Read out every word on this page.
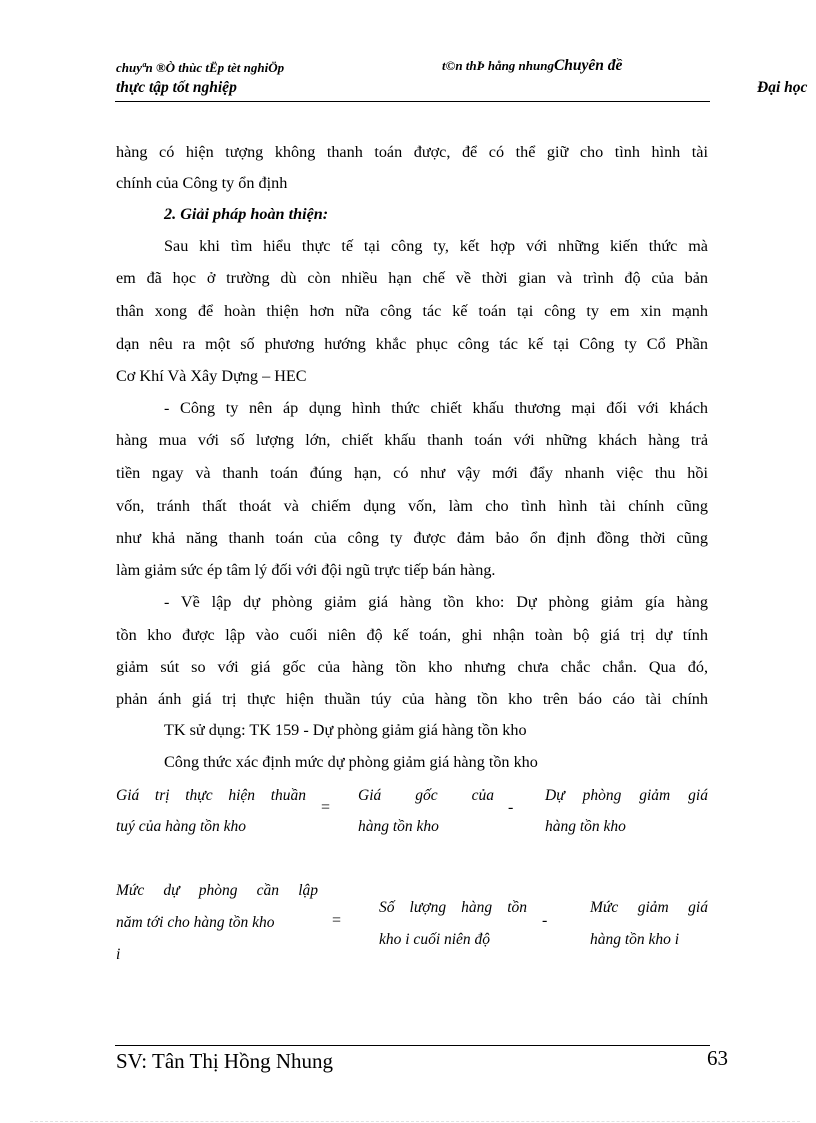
chuyªn ®Ò thùc tËp tèt nghiÖp	t©n thÞ hång nhungChuyên đề
thực tập tốt nghiệp	Đại học
hàng có hiện tượng không thanh toán được, để có thể giữ cho tình hình tài
chính của Công ty ổn định
2. Giải pháp hoàn thiện:
Sau khi tìm hiểu thực tế tại công ty, kết hợp với những kiến thức mà
em đã học ở trường dù còn nhiều hạn chế về thời gian và trình độ của bản
thân xong để hoàn thiện hơn nữa công tác kế toán tại công ty em xin mạnh
dạn nêu ra một số phương hướng khắc phục công tác kế tại Công ty Cổ Phần
Cơ Khí Và Xây Dựng – HEC
- Công ty nên áp dụng hình thức chiết khấu thương mại đối với khách
hàng mua với số lượng lớn, chiết khấu thanh toán với những khách hàng trả
tiền ngay và thanh toán đúng hạn, có như vậy mới đẩy nhanh việc thu hồi
vốn, tránh thất thoát và chiếm dụng vốn, làm cho tình hình tài chính cũng
như khả năng thanh toán của công ty được đảm bảo ổn định đồng thời cũng
làm giảm sức ép tâm lý đối với đội ngũ trực tiếp bán hàng.
- Về lập dự phòng giảm giá hàng tồn kho: Dự phòng giảm gía hàng
tồn kho được lập vào cuối niên độ kế toán, ghi nhận toàn bộ giá trị dự tính
giảm sút so với giá gốc của hàng tồn kho nhưng chưa chắc chắn. Qua đó,
phản ánh giá trị thực hiện thuần túy của hàng tồn kho trên báo cáo tài chính
TK sử dụng: TK 159 - Dự phòng giảm giá hàng tồn kho
Công thức xác định mức dự phòng giảm giá hàng tồn kho
Giá trị thực hiện thuần
tuý của hàng tồn kho
=
Giá gốc của
hàng tồn kho
-
Dự phòng giảm giá
hàng tồn kho
Mức dự phòng cần lập
năm tới cho hàng tồn kho
i
=
Số lượng hàng tồn
kho i cuối niên độ
-
Mức giảm giá
hàng tồn kho i
SV: Tân Thị Hồng Nhung	63
